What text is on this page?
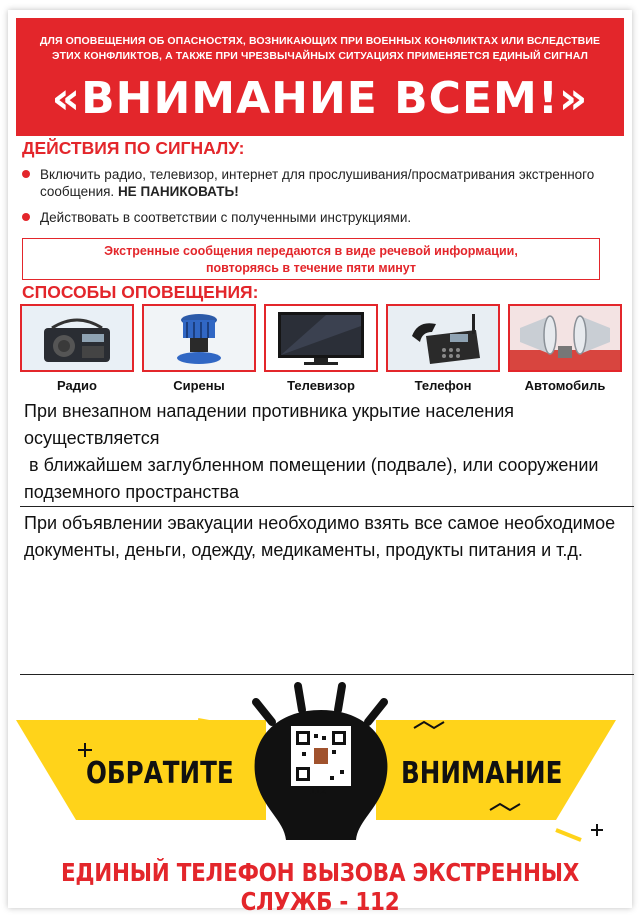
ДЛЯ ОПОВЕЩЕНИЯ ОБ ОПАСНОСТЯХ, ВОЗНИКАЮЩИХ ПРИ ВОЕННЫХ КОНФЛИКТАХ ИЛИ ВСЛЕДСТВИЕ
ЭТИХ КОНФЛИКТОВ, А ТАКЖЕ ПРИ ЧРЕЗВЫЧАЙНЫХ СИТУАЦИЯХ ПРИМЕНЯЕТСЯ ЕДИНЫЙ СИГНАЛ
«ВНИМАНИЕ ВСЕМ!»
ДЕЙСТВИЯ ПО СИГНАЛУ:
Включить радио, телевизор, интернет для прослушивания/просматривания экстренного сообщения. НЕ ПАНИКОВАТЬ!
Действовать в соответствии с полученными инструкциями.
Экстренные сообщения передаются в виде речевой информации,
повторяясь в течение пяти минут
СПОСОБЫ ОПОВЕЩЕНИЯ:
Радио	Сирены	Телевизор	Телефон	Автомобиль
При внезапном нападении противника укрытие населения осуществляется
в ближайшем заглубленном помещении (подвале), или сооружении
подземного пространства
При объявлении эвакуации необходимо взять все самое необходимое
документы, деньги, одежду, медикаменты, продукты питания и т.д.
ОБРАТИТЕ	ВНИМАНИЕ
112
ЕДИНЫЙ ТЕЛЕФОН ВЫЗОВА ЭКСТРЕННЫХ СЛУЖБ - 112
